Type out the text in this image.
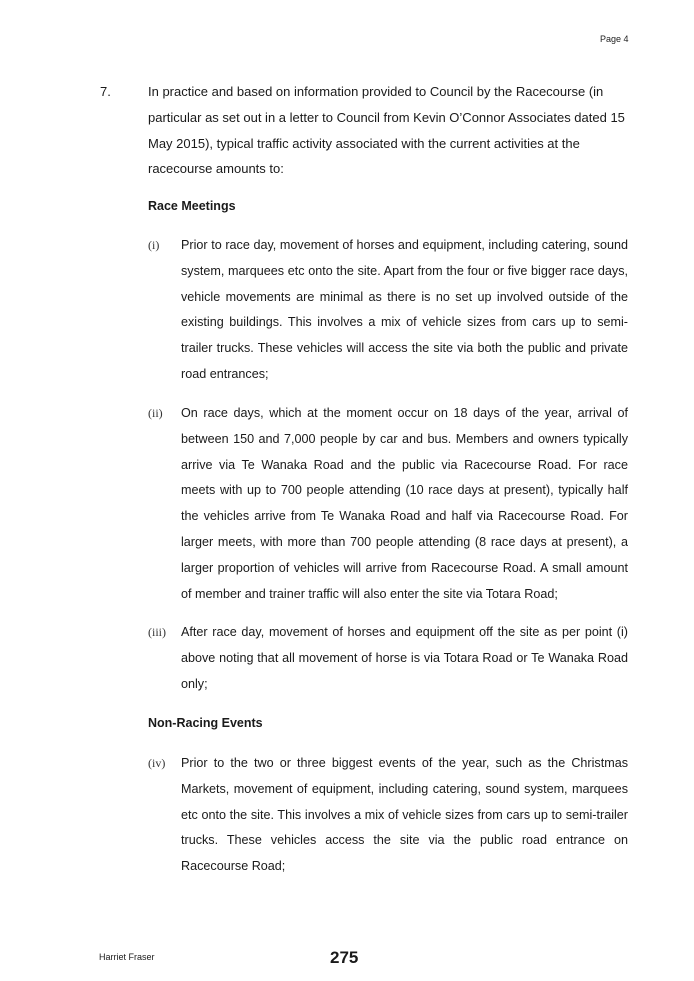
Page 4
7.	In practice and based on information provided to Council by the Racecourse (in particular as set out in a letter to Council from Kevin O’Connor Associates dated 15 May 2015), typical traffic activity associated with the current activities at the racecourse amounts to:
Race Meetings
(i) Prior to race day, movement of horses and equipment, including catering, sound system, marquees etc onto the site. Apart from the four or five bigger race days, vehicle movements are minimal as there is no set up involved outside of the existing buildings. This involves a mix of vehicle sizes from cars up to semi-trailer trucks. These vehicles will access the site via both the public and private road entrances;
(ii) On race days, which at the moment occur on 18 days of the year, arrival of between 150 and 7,000 people by car and bus. Members and owners typically arrive via Te Wanaka Road and the public via Racecourse Road. For race meets with up to 700 people attending (10 race days at present), typically half the vehicles arrive from Te Wanaka Road and half via Racecourse Road. For larger meets, with more than 700 people attending (8 race days at present), a larger proportion of vehicles will arrive from Racecourse Road. A small amount of member and trainer traffic will also enter the site via Totara Road;
(iii) After race day, movement of horses and equipment off the site as per point (i) above noting that all movement of horse is via Totara Road or Te Wanaka Road only;
Non-Racing Events
(iv) Prior to the two or three biggest events of the year, such as the Christmas Markets, movement of equipment, including catering, sound system, marquees etc onto the site. This involves a mix of vehicle sizes from cars up to semi-trailer trucks. These vehicles access the site via the public road entrance on Racecourse Road;
Harriet Fraser	275
